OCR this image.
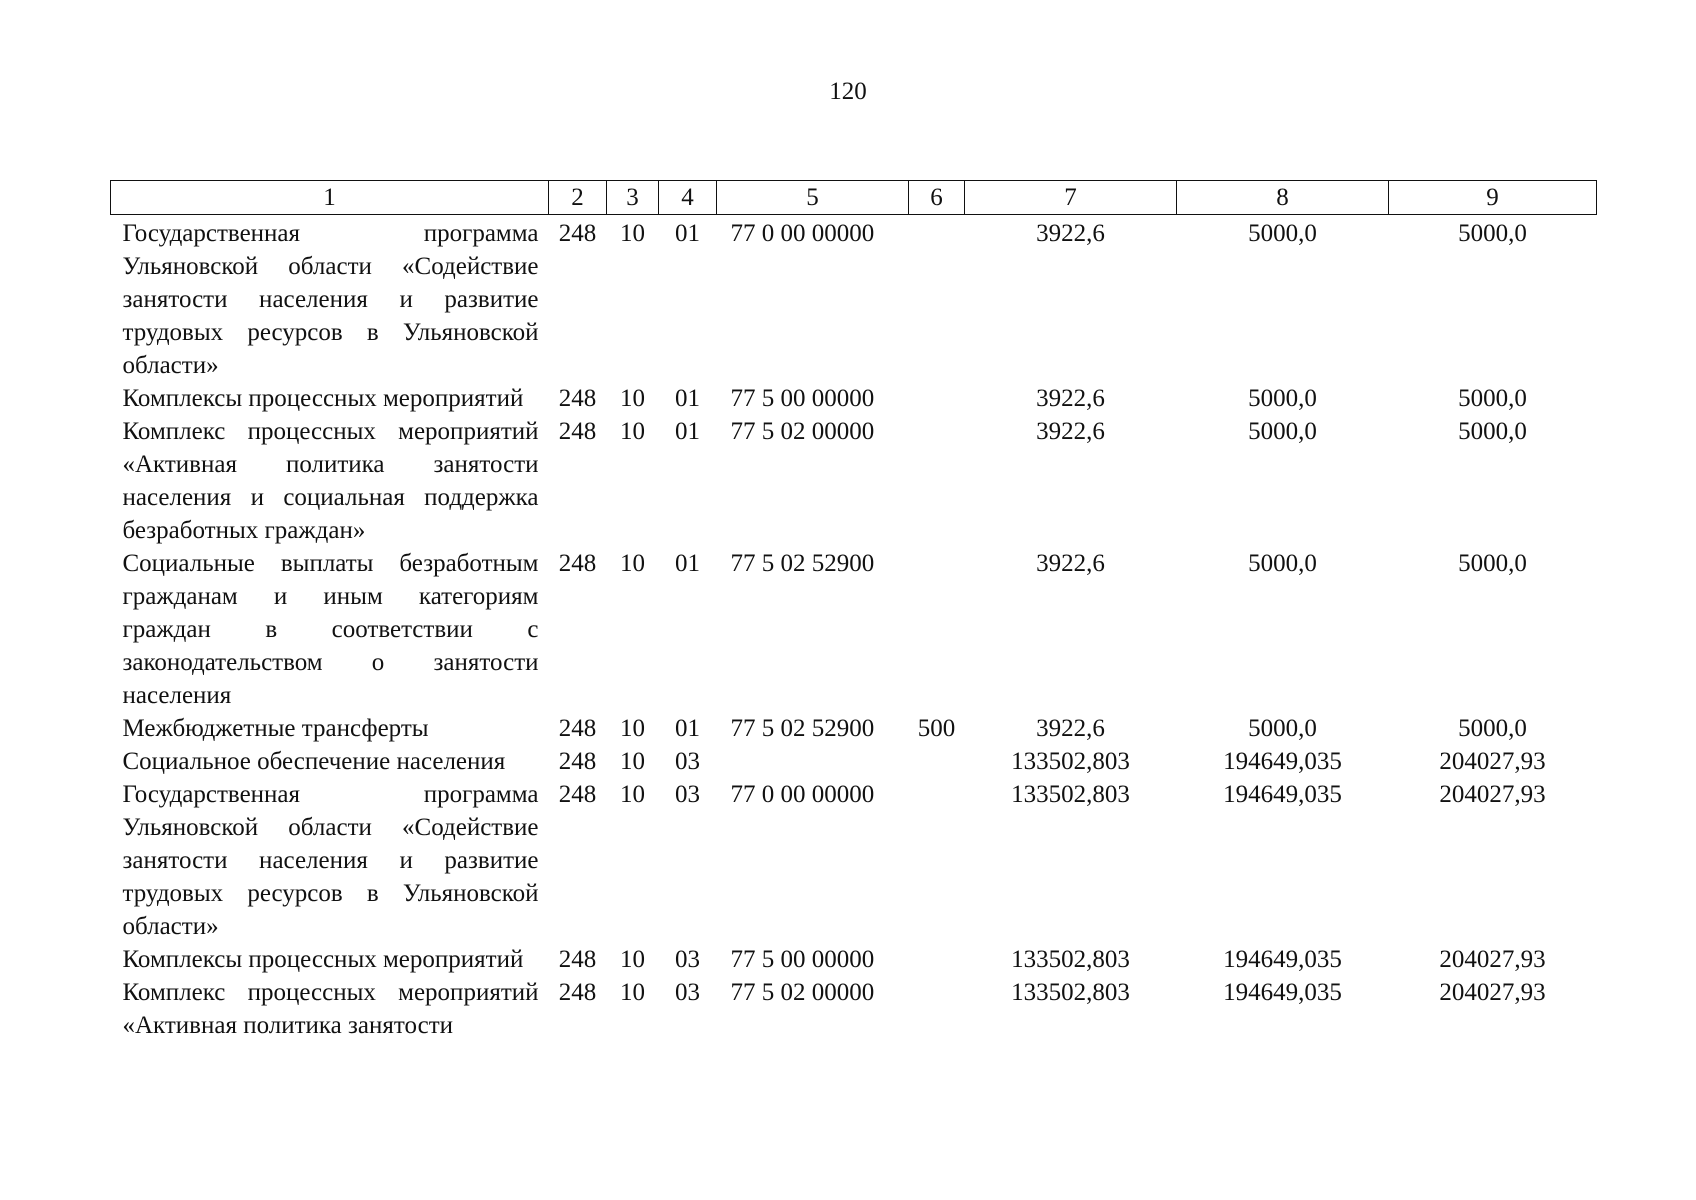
120
1	2	3	4	5	6	7	8	9
Государственная программа Ульяновской области «Содействие занятости населения и развитие трудовых ресурсов в Ульяновской области»	248	10	01	77 0 00 00000		3922,6	5000,0	5000,0
Комплексы процессных мероприятий	248	10	01	77 5 00 00000		3922,6	5000,0	5000,0
Комплекс процессных мероприятий «Активная политика занятости населения и социальная поддержка безработных граждан»	248	10	01	77 5 02 00000		3922,6	5000,0	5000,0
Социальные выплаты безработным гражданам и иным категориям граждан в соответствии с законодательством о занятости населения	248	10	01	77 5 02 52900		3922,6	5000,0	5000,0
Межбюджетные трансферты	248	10	01	77 5 02 52900	500	3922,6	5000,0	5000,0
Социальное обеспечение населения	248	10	03			133502,803	194649,035	204027,93
Государственная программа Ульяновской области «Содействие занятости населения и развитие трудовых ресурсов в Ульяновской области»	248	10	03	77 0 00 00000		133502,803	194649,035	204027,93
Комплексы процессных мероприятий	248	10	03	77 5 00 00000		133502,803	194649,035	204027,93
Комплекс процессных мероприятий «Активная политика занятости	248	10	03	77 5 02 00000		133502,803	194649,035	204027,93
